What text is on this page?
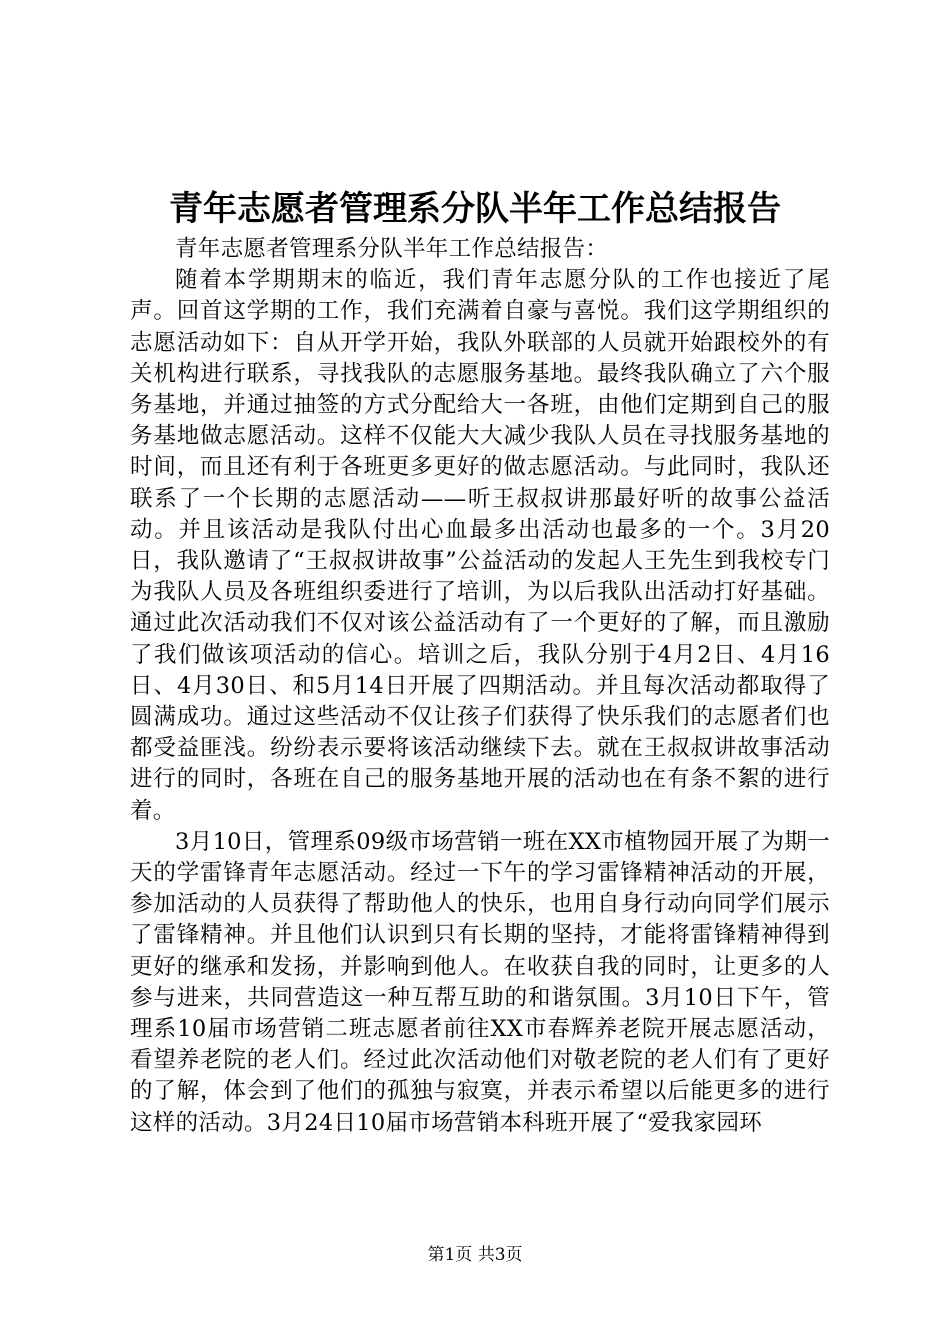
青年志愿者管理系分队半年工作总结报告

青年志愿者管理系分队半年工作总结报告：

随着本学期期末的临近，我们青年志愿分队的工作也接近了尾声。回首这学期的工作，我们充满着自豪与喜悦。我们这学期组织的志愿活动如下：自从开学开始，我队外联部的人员就开始跟校外的有关机构进行联系，寻找我队的志愿服务基地。最终我队确立了六个服务基地，并通过抽签的方式分配给大一各班，由他们定期到自己的服务基地做志愿活动。这样不仅能大大减少我队人员在寻找服务基地的时间，而且还有利于各班更多更好的做志愿活动。与此同时，我队还联系了一个长期的志愿活动——听王叔叔讲那最好听的故事公益活动。并且该活动是我队付出心血最多出活动也最多的一个。3月20日，我队邀请了“王叔叔讲故事”公益活动的发起人王先生到我校专门为我队人员及各班组织委进行了培训，为以后我队出活动打好基础。通过此次活动我们不仅对该公益活动有了一个更好的了解，而且激励了我们做该项活动的信心。培训之后，我队分别于4月2日、4月16日、4月30日、和5月14日开展了四期活动。并且每次活动都取得了圆满成功。通过这些活动不仅让孩子们获得了快乐我们的志愿者们也都受益匪浅。纷纷表示要将该活动继续下去。就在王叔叔讲故事活动进行的同时，各班在自己的服务基地开展的活动也在有条不絮的进行着。

3月10日，管理系09级市场营销一班在XX市植物园开展了为期一天的学雷锋青年志愿活动。经过一下午的学习雷锋精神活动的开展，参加活动的人员获得了帮助他人的快乐，也用自身行动向同学们展示了雷锋精神。并且他们认识到只有长期的坚持，才能将雷锋精神得到更好的继承和发扬，并影响到他人。在收获自我的同时，让更多的人参与进来，共同营造这一种互帮互助的和谐氛围。3月10日下午，管理系10届市场营销二班志愿者前往XX市春辉养老院开展志愿活动，看望养老院的老人们。经过此次活动他们对敬老院的老人们有了更好的了解，体会到了他们的孤独与寂寞，并表示希望以后能更多的进行这样的活动。3月24日10届市场营销本科班开展了“爱我家园环

第1页 共3页
